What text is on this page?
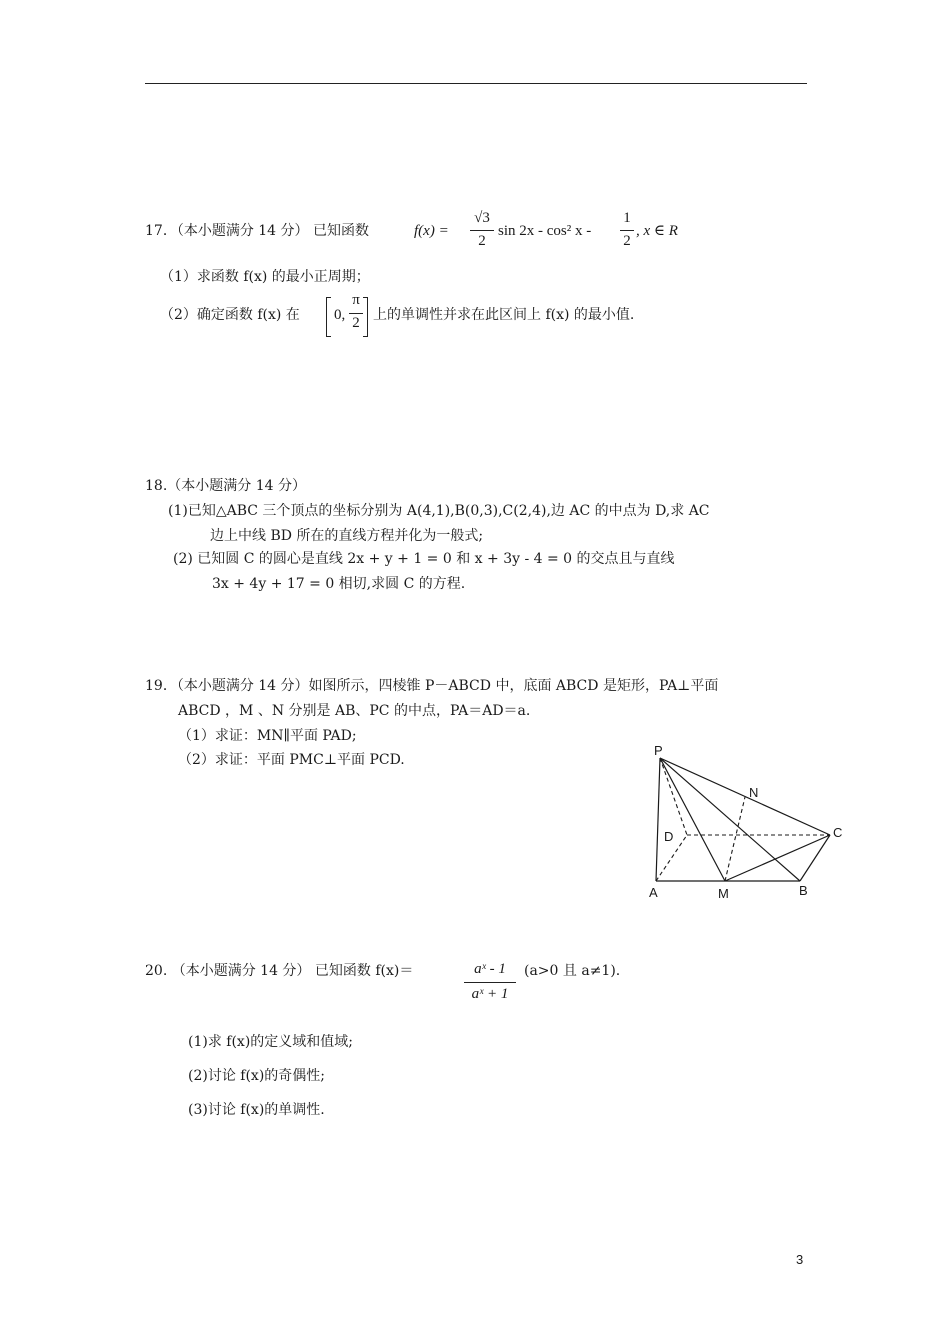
17．（本小题满分 14 分） 已知函数	f(x) =
√3
2
sin 2x - cos² x -
1
2
, x ∈ R
（1）求函数 f(x) 的最小正周期；
（2）确定函数 f(x) 在 0,
π
2 上的单调性并求在此区间上 f(x) 的最小值.
18.（本小题满分 14 分）
(1)已知△ABC 三个顶点的坐标分别为 A(4,1),B(0,3),C(2,4),边 AC 的中点为 D,求 AC
边上中线 BD 所在的直线方程并化为一般式;
(2) 已知圆 C 的圆心是直线 2x + y + 1 = 0 和 x + 3y - 4 = 0 的交点且与直线
3x + 4y + 17 = 0 相切,求圆 C 的方程.
19．（本小题满分 14 分）如图所示，四棱锥 P－ABCD 中，底面 ABCD 是矩形，PA⊥平面
ABCD ，M 、N 分别是 AB、PC 的中点，PA＝AD＝a.
（1）求证：MN∥平面 PAD;
（2）求证：平面 PMC⊥平面 PCD.
P
N
D	C
A	M	B
20. （本小题满分 14 分） 已知函数 f(x)＝	aˣ - 1
aˣ + 1
(a>0 且 a≠1).
(1)求 f(x)的定义域和值域;
(2)讨论 f(x)的奇偶性;
(3)讨论 f(x)的单调性.
3
